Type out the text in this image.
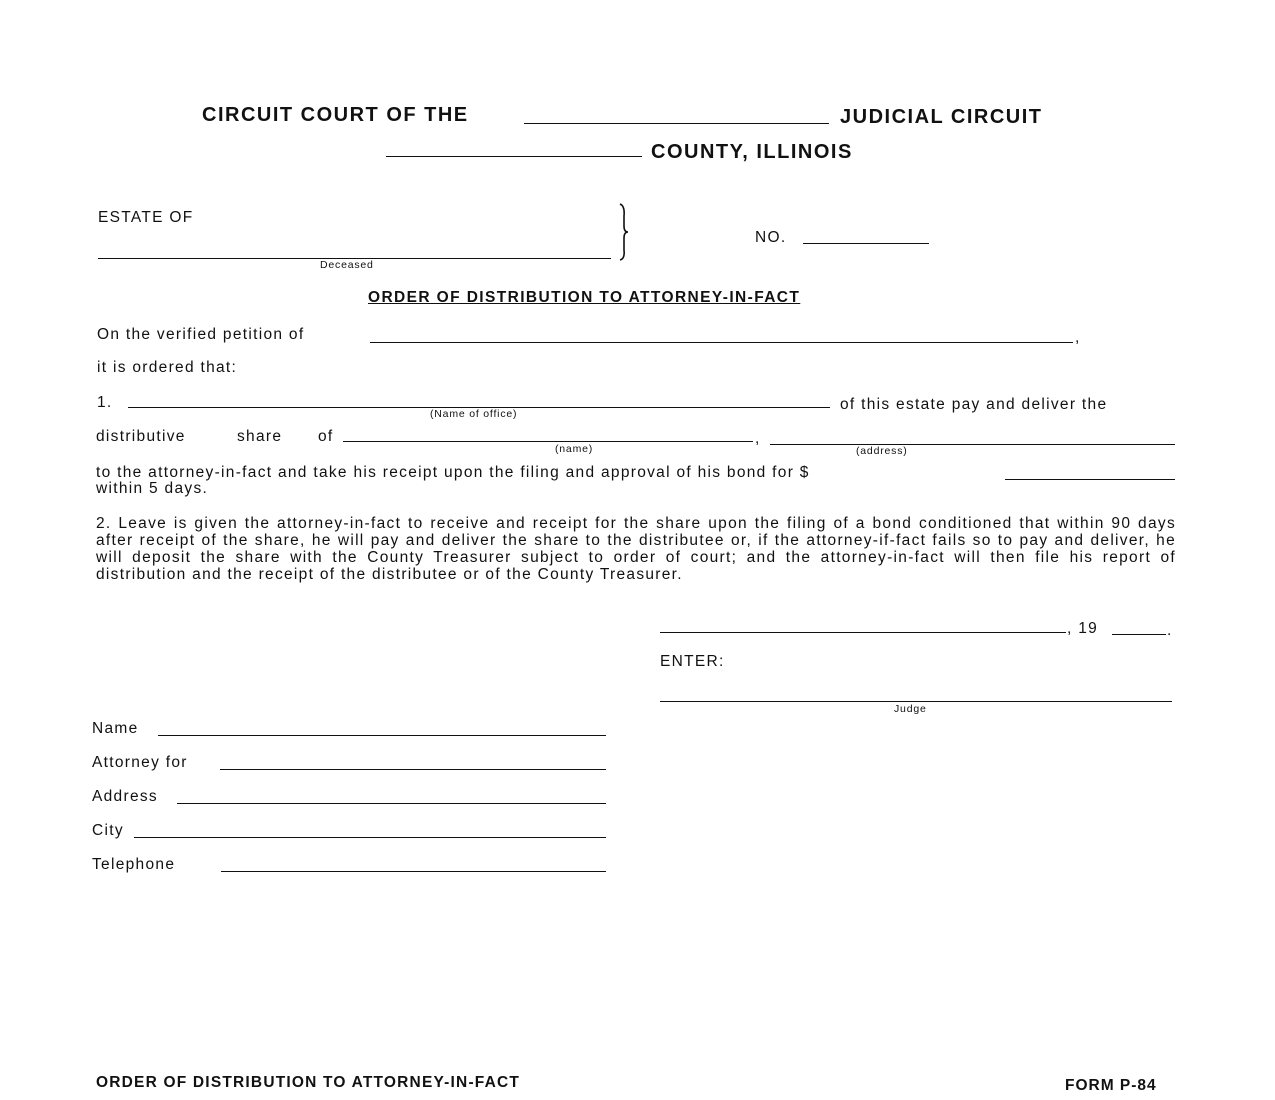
CIRCUIT COURT OF THE	JUDICIAL CIRCUIT
COUNTY, ILLINOIS
ESTATE OF
Deceased
NO.
ORDER OF DISTRIBUTION TO ATTORNEY-IN-FACT
On the verified petition of	,
it is ordered that:
1.
(Name of office)
of this estate pay and deliver the
distributive	share of
(name)
,
(address)
to the attorney-in-fact and take his receipt upon the filing and approval of his bond for $
within 5 days.
2. Leave is given the attorney-in-fact to receive and receipt for the share upon the filing of a bond conditioned that within 90 days after receipt of the share, he will pay and deliver the share to the distributee or, if the attorney-if-fact fails so to pay and deliver, he will deposit the share with the County Treasurer subject to order of court; and the attorney-in-fact will then file his report of distribution and the receipt of the distributee or of the County Treasurer.
, 19	.
ENTER:
Judge
Name
Attorney for
Address
City
Telephone
ORDER OF DISTRIBUTION TO ATTORNEY-IN-FACT	FORM P-84
